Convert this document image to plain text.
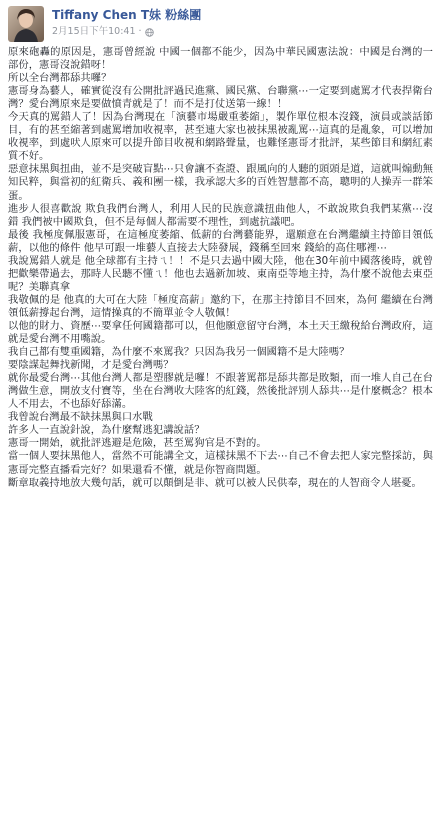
Tiffany Chen T妹 粉絲團
2月15日下午10:41 ·

原來砲轟的原因是，憲哥曾經說 中國一個都不能少，因為中華民國憲法說：中國是台灣的一部份，憲哥沒說錯呀！

所以全台灣都舔共囉？

憲哥身為藝人，確實從沒有公開批評過民進黨、國民黨、台聯黨⋯一定要到處罵才代表捍衛台灣？愛台灣原來是要做憤青就是了！而不是打仗送第一線！！

今天真的罵錯人了！因為台灣現在「演藝市場嚴重萎縮」，製作單位根本沒錢，演員或談話節目，有的甚至縮著到處罵增加收視率，甚至連大家也被抹黑被亂罵⋯這真的是亂象，可以增加收視率，到處吠人原來可以提升節目收視和網路聲量，也難怪憲哥才批評，某些節目和網紅素質不好。

惡意抹黑與扭曲，並不是突破盲點⋯只會讓不查證、跟風向的人聽的頭頭是道，這就叫煽動無知民粹，與當初的紅衛兵、義和團一樣，我承認大多的百姓智慧都不高，聰明的人操弄一群笨蛋。

進步人很喜歡說 欺負我們台灣人，利用人民的民族意識扭曲他人，不敢說欺負我們某黨⋯沒錯 我們被中國欺負，但不是每個人都需要不理性，到處抗議吧。

最後 我極度佩服憲哥，在這極度萎縮、低薪的台灣藝能界，還願意在台灣繼續主持節目領低薪，以他的條件 他早可跟一堆藝人直接去大陸發展，錢稱至回來 錢給的高住哪裡⋯

我說罵錯人就是 他全球都有主持ㄟ！！不是只去過中國大陸，他在30年前中國落後時，就曾把歡樂帶過去，那時人民聽不懂ㄟ！他也去過新加坡、東南亞等地主持，為什麼不說他去東亞呢？美聯真拿

我敬佩的是 他真的大可在大陸「極度高薪」邀約下，在那主持節目不回來，為何 繼續在台灣領低薪撐起台灣，這情操真的不簡單並令人敬佩！

以他的財力、資歷⋯要拿任何國籍都可以，但他願意留守台灣，本土天王繳稅給台灣政府，這就是愛台灣不用嘴說。

我自己都有雙重國籍，為什麼不來罵我？只因為我另一個國籍不是大陸嗎？

要陰謀起舞找新聞，才是愛台灣嗎？

就你最愛台灣⋯其他台灣人都是塑膠就是囉！不跟著罵都是舔共都是敗類，而一堆人自己在台灣做生意，開放支付寶等，坐在台灣收大陸客的紅錢，然後批評別人舔共⋯是什麼概念？根本人不用去，不也舔好舔滿。

我曾說台灣最不缺抹黑與口水戰

許多人一直說針說，為什麼幫逃犯講說話？

憲哥一開始，就批評逃避是危險，甚至罵狗官是不對的。

當一個人要抹黑他人，當然不可能講全文，這樣抹黑不下去⋯自己不會去把人家完整採訪，與憲哥完整直播看完好？如果還看不懂，就是你智商問題。

斷章取義持地放大幾句話，就可以顛倒是非、就可以被人民供奉，現在的人智商令人堪憂。
